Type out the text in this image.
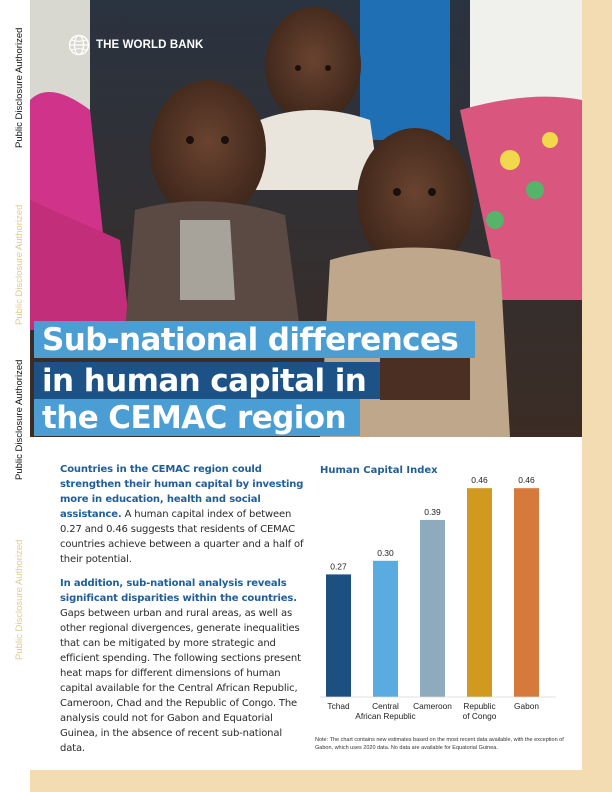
Public Disclosure Authorized
Public Disclosure Authorized
Public Disclosure Authorized
Public Disclosure Authorized
THE WORLD BANK
Sub-national differences
in human capital in
the CEMAC region

Countries in the CEMAC region could strengthen their human capital by investing more in education, health and social assistance. A human capital index of between 0.27 and 0.46 suggests that residents of CEMAC countries achieve between a quarter and a half of their potential.

In addition, sub-national analysis reveals significant disparities within the countries. Gaps between urban and rural areas, as well as other regional divergences, generate inequalities that can be mitigated by more strategic and efficient spending. The following sections present heat maps for different dimensions of human capital available for the Central African Republic, Cameroon, Chad and the Republic of Congo. The analysis could not for Gabon and Equatorial Guinea, in the absence of recent sub-national data.

Human Capital Index
0.27
Tchad
0.30
Central
African Republic
0.39
Cameroon
0.46
Republic
of Congo
0.46
Gabon
Note: The chart contains new estimates based on the most recent data available, with the exception of Gabon, which uses 2020 data. No data are available for Equatorial Guinea.
